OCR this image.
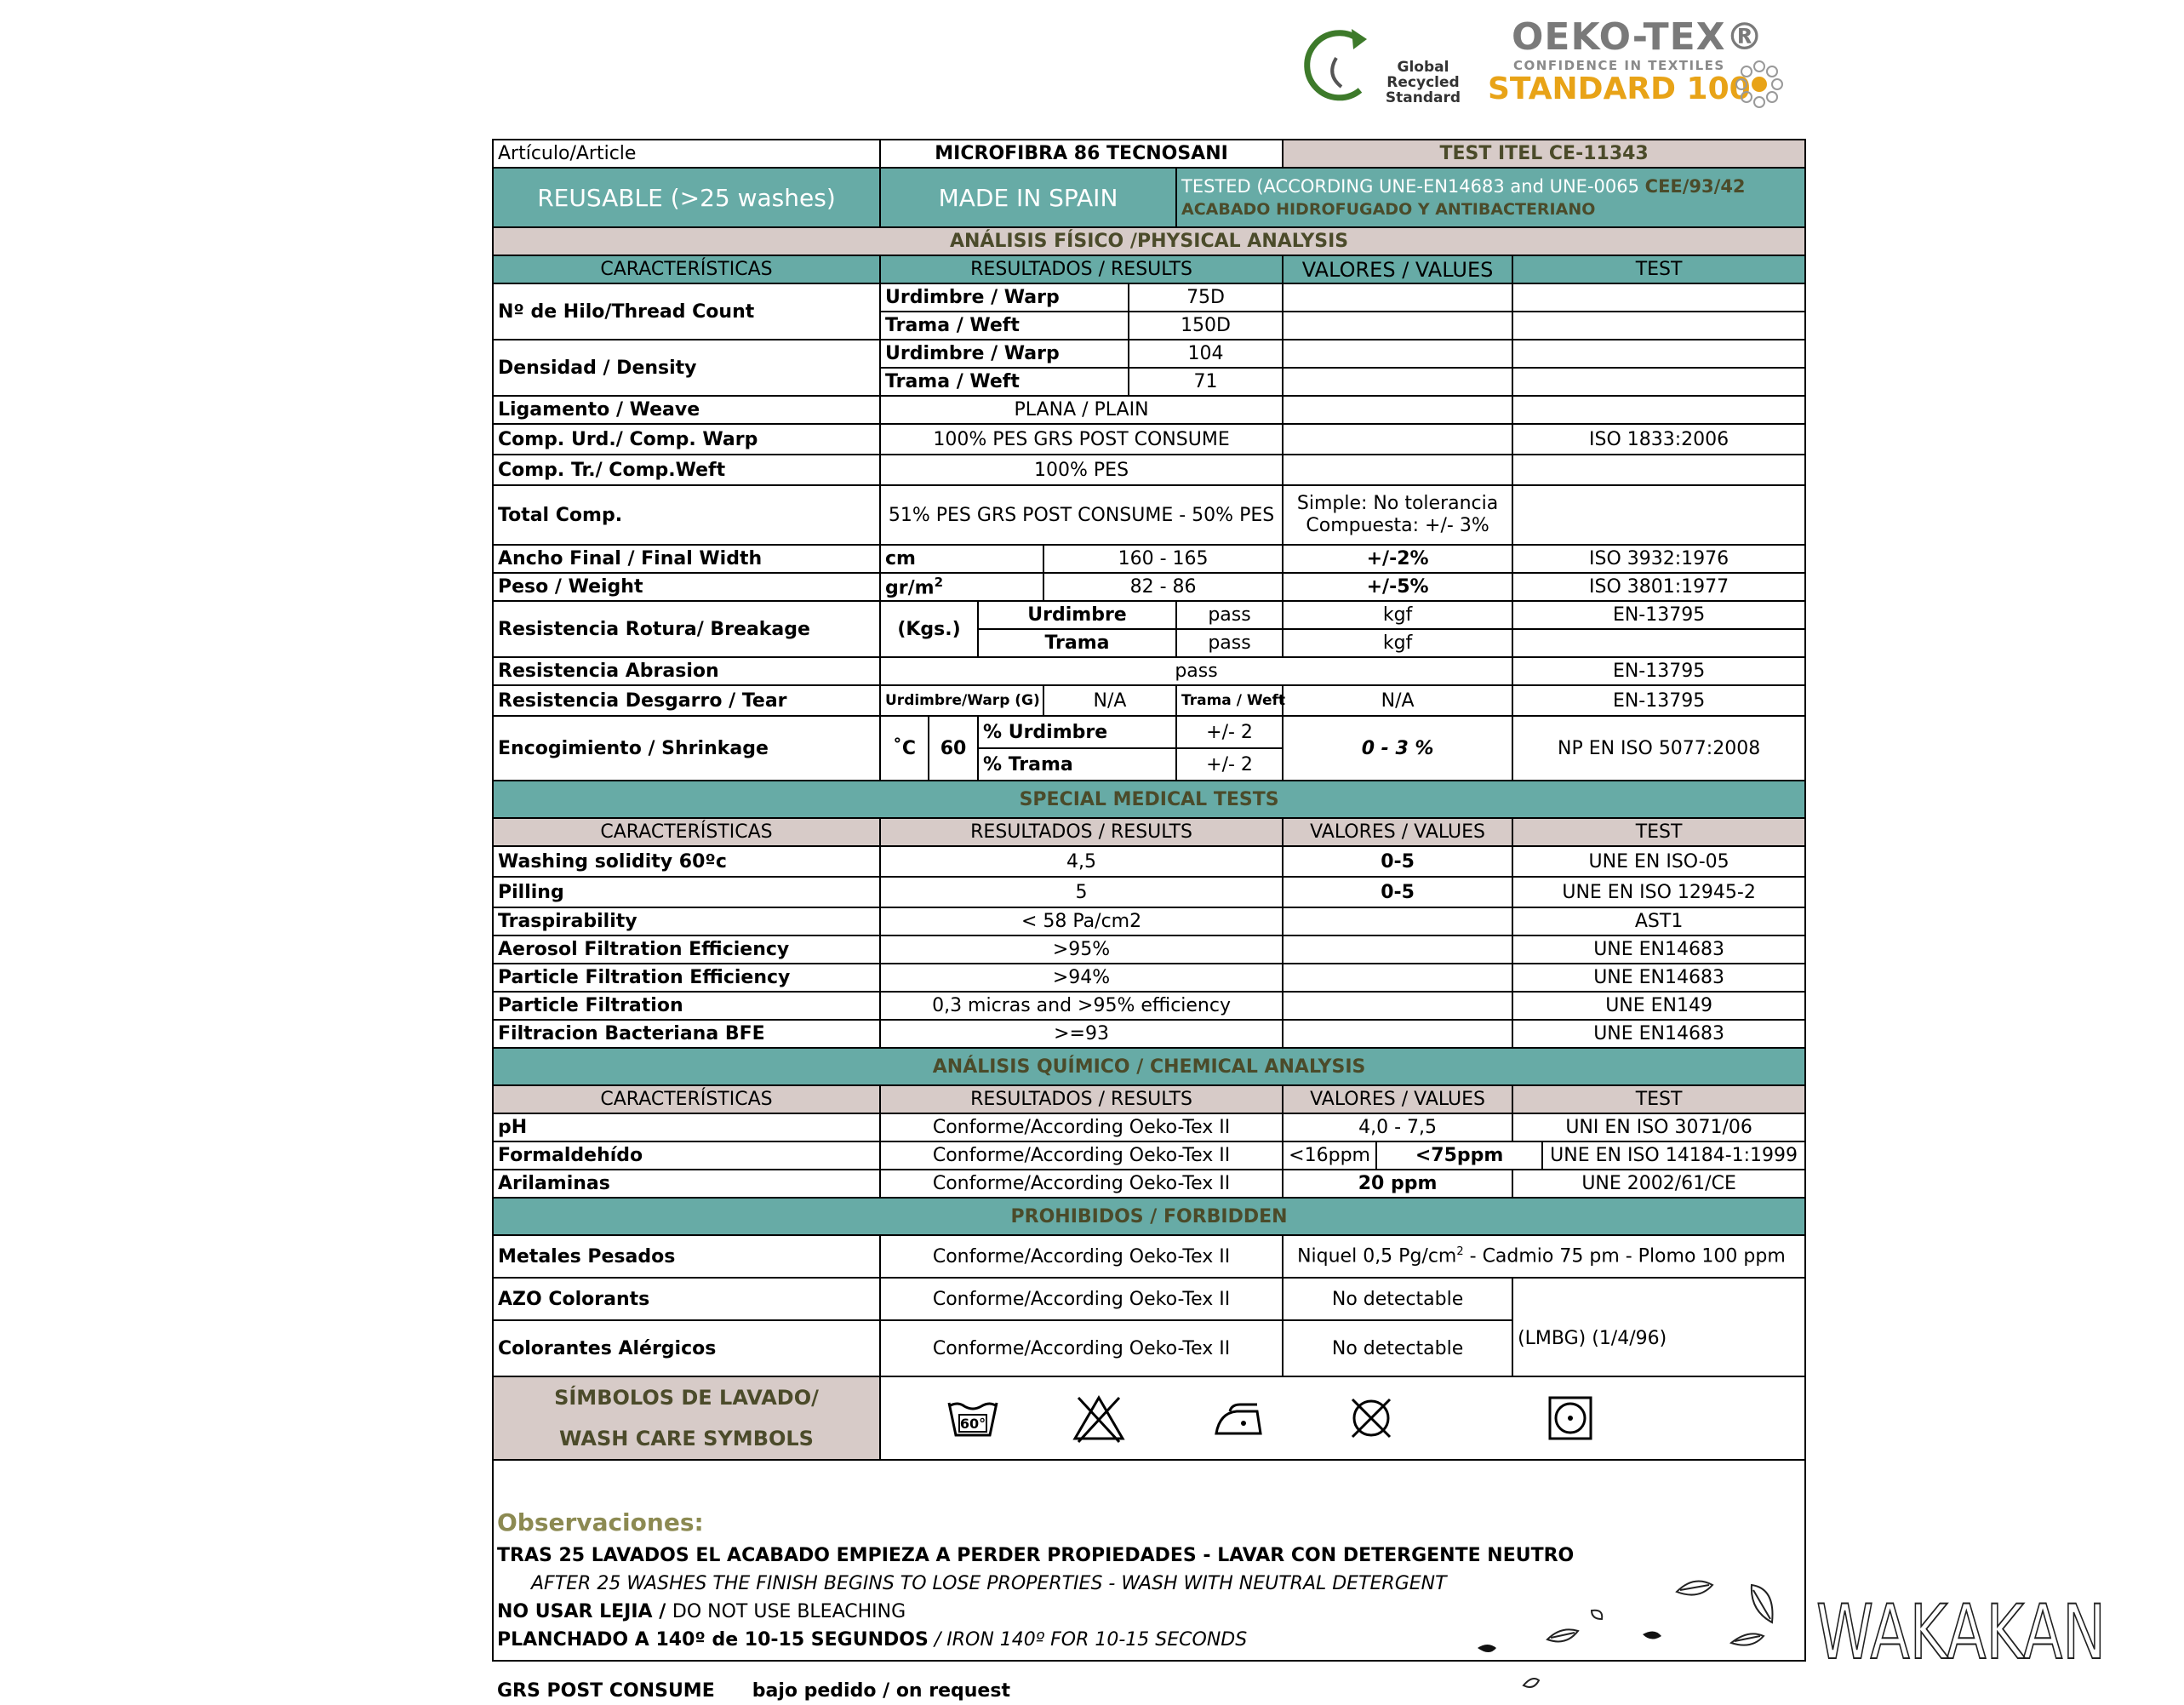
Global Recycled
Standard
OEKO-TEX®
CONFIDENCE IN TEXTILES
STANDARD 100
Artículo/Article	MICROFIBRA 86 TECNOSANI						TEST ITEL CE-11343			
REUSABLE (>25 washes)	MADE IN SPAIN					TESTED (ACCORDING UNE-EN14683 and UNE-0065 CEE/93/42
ACABADO HIDROFUGADO Y ANTIBACTERIANO				
ANÁLISIS FÍSICO /PHYSICAL ANALYSIS										
CARACTERÍSTICAS	RESULTADOS / RESULTS						VALORES / VALUES		TEST	
Nº de Hilo/Thread Count	Urdimbre / Warp				75D					
	Trama / Weft				150D					
Densidad / Density	Urdimbre / Warp				104					
	Trama / Weft				71					
Ligamento / Weave	PLANA / PLAIN									
Comp. Urd./ Comp. Warp	100% PES GRS POST CONSUME								ISO 1833:2006	
Comp. Tr./ Comp.Weft	100% PES									
Total Comp.	51% PES GRS POST CONSUME - 50% PES						Simple: No tolerancia
Compuesta: +/- 3%			
Ancho Final / Final Width	cm			160 - 165			+/-2%		ISO 3932:1976	
Peso / Weight	$gr/m^2$			82 - 86			+/-5%		ISO 3801:1977	
Resistencia Rotura/ Breakage	(Kgs.)		Urdimbre			pass	kgf		EN-13795	
			Trama			pass	kgf			
Resistencia Abrasion	pass								EN-13795	
Resistencia Desgarro / Tear	Urdimbre/Warp (G)			N/A		Trama / Weft	N/A		EN-13795	
Encogimiento / Shrinkage	˚C	60	% Urdimbre			+/- 2	0 - 3 %		NP EN ISO 5077:2008	
			% Trama			+/- 2				
SPECIAL MEDICAL TESTS										
CARACTERÍSTICAS	RESULTADOS / RESULTS						VALORES / VALUES		TEST	
Washing solidity 60ºc	4,5						0-5		UNE EN ISO-05	
Pilling	5						0-5		UNE EN ISO 12945-2	
Traspirability	< 58 Pa/cm2								AST1	
Aerosol Filtration Efficiency	>95%								UNE EN14683	
Particle Filtration Efficiency	>94%								UNE EN14683	
Particle Filtration	0,3 micras and >95% efficiency								UNE EN149	
Filtracion Bacteriana BFE	>=93								UNE EN14683	
ANÁLISIS QUÍMICO / CHEMICAL ANALYSIS										
CARACTERÍSTICAS	RESULTADOS / RESULTS						VALORES / VALUES		TEST	
pH	Conforme/According Oeko-Tex II						4,0 - 7,5		UNI EN ISO 3071/06	
Formaldehído	Conforme/According Oeko-Tex II						<16ppm	<75ppm		UNE EN ISO 14184-1:1999
Arilaminas	Conforme/According Oeko-Tex II						20 ppm		UNE 2002/61/CE	
PROHIBIDOS / FORBIDDEN										
Metales Pesados	Conforme/According Oeko-Tex II						Niquel 0,5 $Pg/cm^2$ - Cadmio 75 pm - Plomo 100 ppm			
AZO Colorants	Conforme/According Oeko-Tex II						No detectable		(LMBG) (1/4/96)	
Colorantes Alérgicos	Conforme/According Oeko-Tex II						No detectable			
SÍMBOLOS DE LAVADO/
WASH CARE SYMBOLS	60°									

Observaciones:
TRAS 25 LAVADOS EL ACABADO EMPIEZA A PERDER PROPIEDADES - LAVAR CON DETERGENTE NEUTRO
AFTER 25 WASHES THE FINISH BEGINS TO LOSE PROPERTIES - WASH WITH NEUTRAL DETERGENT
NO USAR LEJIA / DO NOT USE BLEACHING
PLANCHADO A 140º de 10-15 SEGUNDOS / IRON 140º FOR 10-15 SECONDS
GRS POST CONSUME bajo pedido / on request
WAKAKAN
